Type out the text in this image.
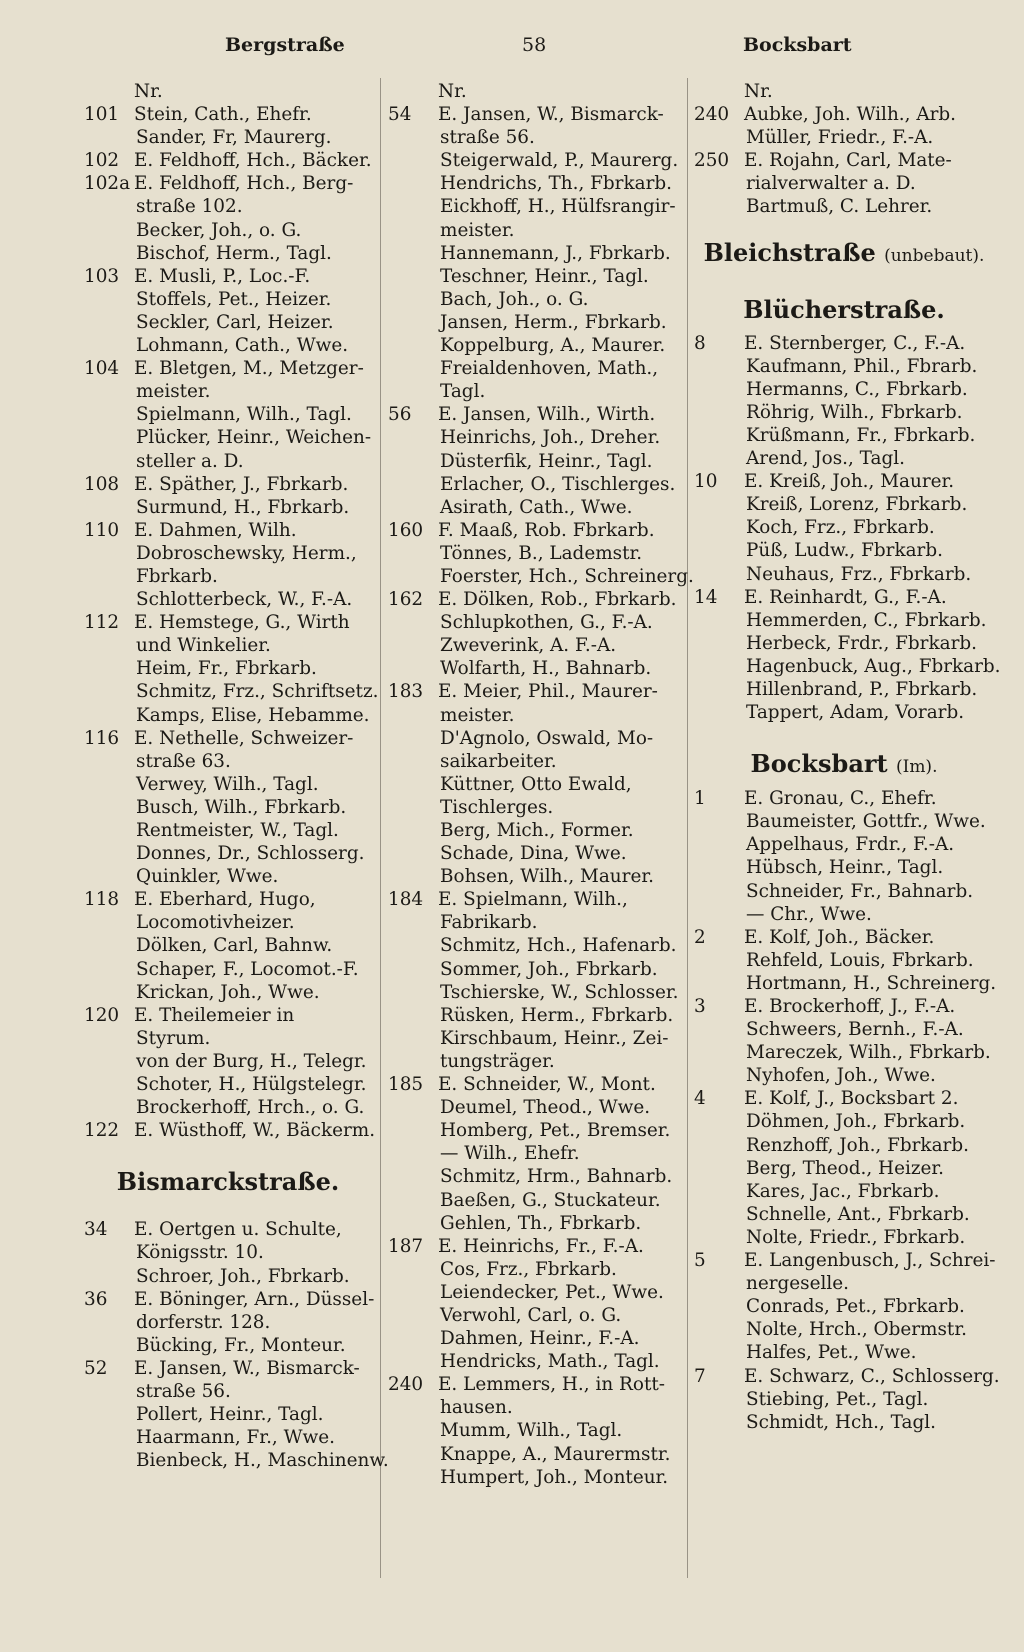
Bergstraße	58	Bocksbart
Nr.
101 Stein, Cath., Ehefr.
Sander, Fr, Maurerg.
102 E. Feldhoff, Hch., Bäcker.
102a E. Feldhoff, Hch., Berg-
straße 102.
Becker, Joh., o. G.
Bischof, Herm., Tagl.
103 E. Musli, P., Loc.-F.
Stoffels, Pet., Heizer.
Seckler, Carl, Heizer.
Lohmann, Cath., Wwe.
104 E. Bletgen, M., Metzger-
meister.
Spielmann, Wilh., Tagl.
Plücker, Heinr., Weichen-
steller a. D.
108 E. Späther, J., Fbrkarb.
Surmund, H., Fbrkarb.
110 E. Dahmen, Wilh.
Dobroschewsky, Herm.,
Fbrkarb.
Schlotterbeck, W., F.-A.
112 E. Hemstege, G., Wirth
und Winkelier.
Heim, Fr., Fbrkarb.
Schmitz, Frz., Schriftsetz.
Kamps, Elise, Hebamme.
116 E. Nethelle, Schweizer-
straße 63.
Verwey, Wilh., Tagl.
Busch, Wilh., Fbrkarb.
Rentmeister, W., Tagl.
Donnes, Dr., Schlosserg.
Quinkler, Wwe.
118 E. Eberhard, Hugo,
Locomotivheizer.
Dölken, Carl, Bahnw.
Schaper, F., Locomot.-F.
Krickan, Joh., Wwe.
120 E. Theilemeier in
Styrum.
von der Burg, H., Telegr.
Schoter, H., Hülgstelegr.
Brockerhoff, Hrch., o. G.
122 E. Wüsthoff, W., Bäckerm.
Bismarckstraße.
34	E. Oertgen u. Schulte,
Königsstr. 10.
Schroer, Joh., Fbrkarb.
36	E. Böninger, Arn., Düssel-
dorferstr. 128.
Bücking, Fr., Monteur.
52	E. Jansen, W., Bismarck-
straße 56.
Pollert, Heinr., Tagl.
Haarmann, Fr., Wwe.
Bienbeck, H., Maschinenw.
Nr.
54	E. Jansen, W., Bismarck-
straße 56.
Steigerwald, P., Maurerg.
Hendrichs, Th., Fbrkarb.
Eickhoff, H., Hülfsrangir-
meister.
Hannemann, J., Fbrkarb.
Teschner, Heinr., Tagl.
Bach, Joh., o. G.
Jansen, Herm., Fbrkarb.
Koppelburg, A., Maurer.
Freialdenhoven, Math.,
Tagl.
56	E. Jansen, Wilh., Wirth.
Heinrichs, Joh., Dreher.
Düsterfik, Heinr., Tagl.
Erlacher, O., Tischlerges.
Asirath, Cath., Wwe.
160 F. Maaß, Rob. Fbrkarb.
Tönnes, B., Lademstr.
Foerster, Hch., Schreinerg.
162 E. Dölken, Rob., Fbrkarb.
Schlupkothen, G., F.-A.
Zweverink, A. F.-A.
Wolfarth, H., Bahnarb.
183 E. Meier, Phil., Maurer-
meister.
D'Agnolo, Oswald, Mo-
saikarbeiter.
Küttner, Otto Ewald,
Tischlerges.
Berg, Mich., Former.
Schade, Dina, Wwe.
Bohsen, Wilh., Maurer.
184 E. Spielmann, Wilh.,
Fabrikarb.
Schmitz, Hch., Hafenarb.
Sommer, Joh., Fbrkarb.
Tschierske, W., Schlosser.
Rüsken, Herm., Fbrkarb.
Kirschbaum, Heinr., Zei-
tungsträger.
185 E. Schneider, W., Mont.
Deumel, Theod., Wwe.
Homberg, Pet., Bremser.
— Wilh., Ehefr.
Schmitz, Hrm., Bahnarb.
Baeßen, G., Stuckateur.
Gehlen, Th., Fbrkarb.
187 E. Heinrichs, Fr., F.-A.
Cos, Frz., Fbrkarb.
Leiendecker, Pet., Wwe.
Verwohl, Carl, o. G.
Dahmen, Heinr., F.-A.
Hendricks, Math., Tagl.
240 E. Lemmers, H., in Rott-
hausen.
Mumm, Wilh., Tagl.
Knappe, A., Maurermstr.
Humpert, Joh., Monteur.
Nr.
240 Aubke, Joh. Wilh., Arb.
Müller, Friedr., F.-A.
250 E. Rojahn, Carl, Mate-
rialverwalter a. D.
Bartmuß, C. Lehrer.
Bleichstraße (unbebaut).
Blücherstraße.
8	E. Sternberger, C., F.-A.
Kaufmann, Phil., Fbrarb.
Hermanns, C., Fbrkarb.
Röhrig, Wilh., Fbrkarb.
Krüßmann, Fr., Fbrkarb.
Arend, Jos., Tagl.
10	E. Kreiß, Joh., Maurer.
Kreiß, Lorenz, Fbrkarb.
Koch, Frz., Fbrkarb.
Püß, Ludw., Fbrkarb.
Neuhaus, Frz., Fbrkarb.
14	E. Reinhardt, G., F.-A.
Hemmerden, C., Fbrkarb.
Herbeck, Frdr., Fbrkarb.
Hagenbuck, Aug., Fbrkarb.
Hillenbrand, P., Fbrkarb.
Tappert, Adam, Vorarb.
Bocksbart (Im).
1	E. Gronau, C., Ehefr.
Baumeister, Gottfr., Wwe.
Appelhaus, Frdr., F.-A.
Hübsch, Heinr., Tagl.
Schneider, Fr., Bahnarb.
— Chr., Wwe.
2	E. Kolf, Joh., Bäcker.
Rehfeld, Louis, Fbrkarb.
Hortmann, H., Schreinerg.
3	E. Brockerhoff, J., F.-A.
Schweers, Bernh., F.-A.
Mareczek, Wilh., Fbrkarb.
Nyhofen, Joh., Wwe.
4	E. Kolf, J., Bocksbart 2.
Döhmen, Joh., Fbrkarb.
Renzhoff, Joh., Fbrkarb.
Berg, Theod., Heizer.
Kares, Jac., Fbrkarb.
Schnelle, Ant., Fbrkarb.
Nolte, Friedr., Fbrkarb.
5	E. Langenbusch, J., Schrei-
nergeselle.
Conrads, Pet., Fbrkarb.
Nolte, Hrch., Obermstr.
Halfes, Pet., Wwe.
7	E. Schwarz, C., Schlosserg.
Stiebing, Pet., Tagl.
Schmidt, Hch., Tagl.
